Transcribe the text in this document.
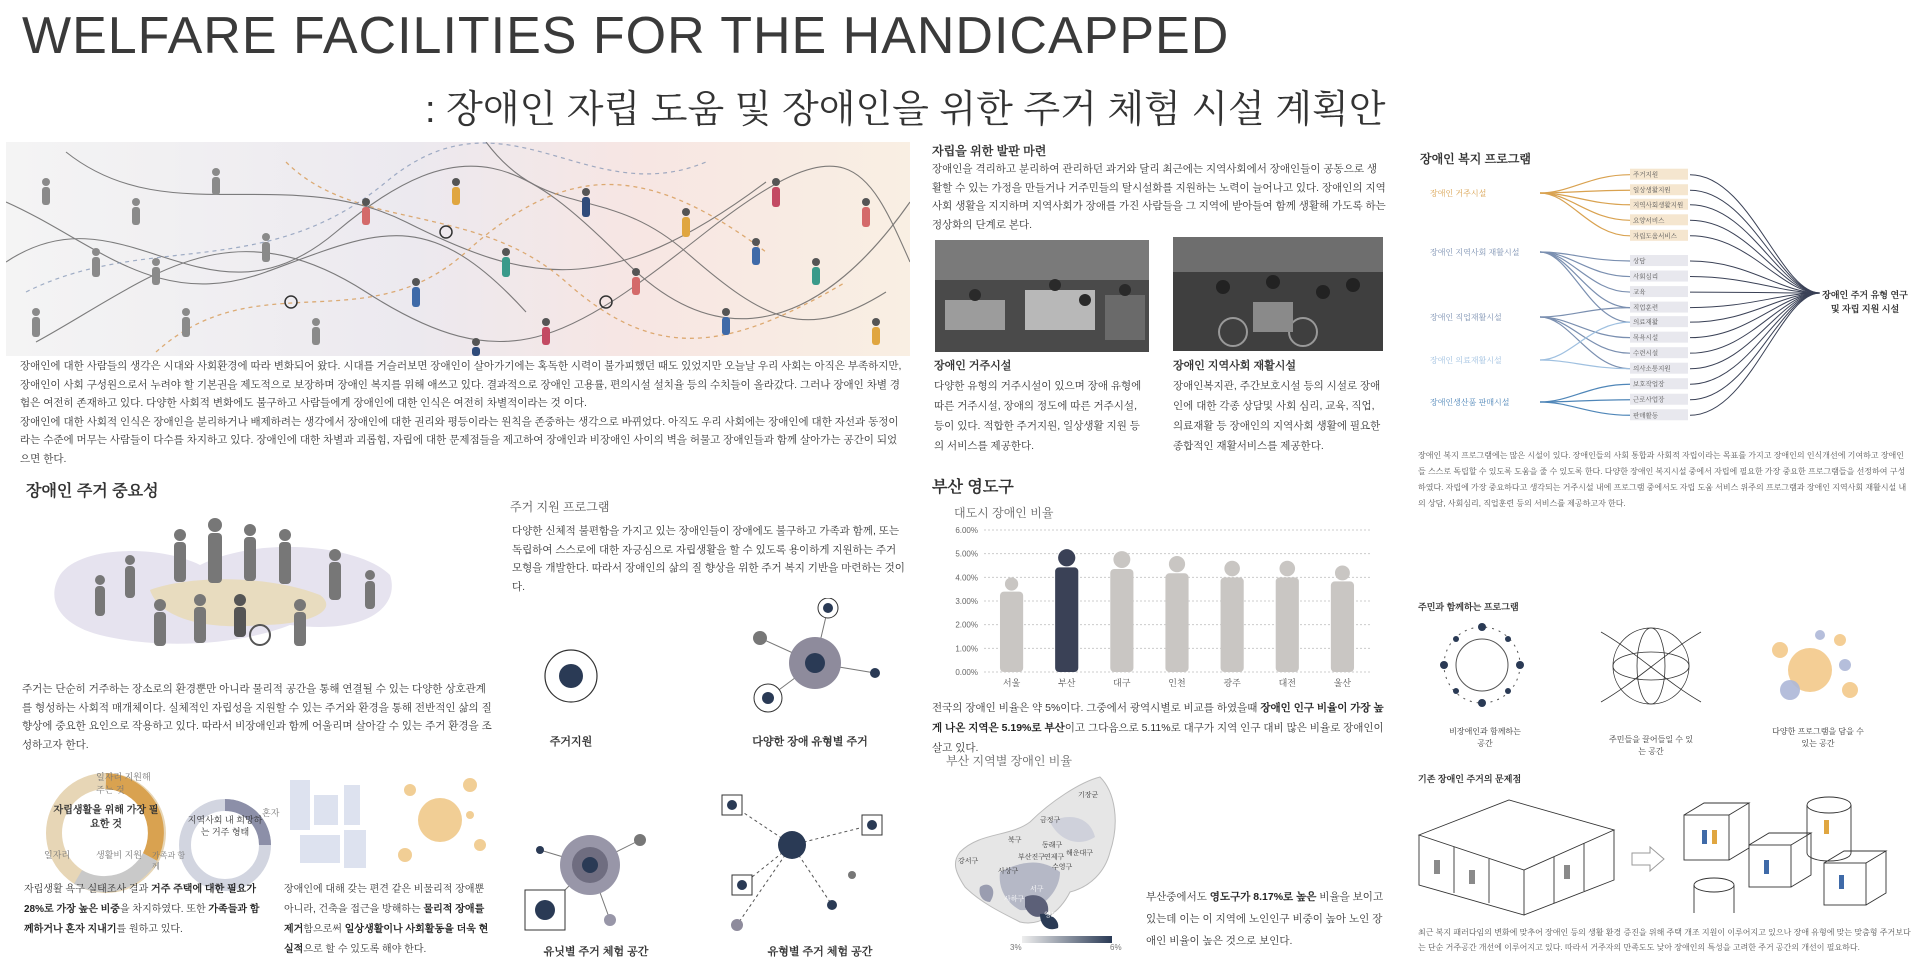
WELFARE FACILITIES FOR THE HANDICAPPED
: 장애인 자립 도움 및 장애인을 위한 주거 체험 시설 계획안
장애인에 대한 사람들의 생각은 시대와 사회환경에 따라 변화되어 왔다. 시대를 거슬러보면 장애인이 살아가기에는 혹독한 시력이 불가피했던 때도 있었지만 오늘날 우리 사회는 아직은 부족하지만, 장애인이 사회 구성원으로서 누려야 할 기본권을 제도적으로 보장하며 장애인 복지를 위해 애쓰고 있다. 결과적으로 장애인 고용률, 편의시설 설치율 등의 수치들이 올라갔다. 그러나 장애인 차별 경험은 여전히 존재하고 있다. 다양한 사회적 변화에도 불구하고 사람들에게 장애인에 대한 인식은 여전히 차별적이라는 것 이다.
장애인에 대한 사회적 인식은 장애인을 분리하거나 배제하려는 생각에서 장애인에 대한 권리와 평등이라는 원칙을 존중하는 생각으로 바뀌었다. 아직도 우리 사회에는 장애인에 대한 자선과 동정이라는 수준에 머무는 사람들이 다수를 차지하고 있다. 장애인에 대한 차별과 괴롭힘, 자립에 대한 문제점들을 제고하여 장애인과 비장애인 사이의 벽을 허물고 장애인들과 함께 살아가는 공간이 되었으면 한다.
장애인 주거 중요성
주거는 단순히 거주하는 장소로의 환경뿐만 아니라 물리적 공간을 통해 연결될 수 있는 다양한 상호관계를 형성하는 사회적 매개체이다. 실체적인 자립성을 지원할 수 있는 주거와 환경을 통해 전반적인 삶의 질 향상에 중요한 요인으로 작용하고 있다. 따라서 비장애인과 함께 어울리며 살아갈 수 있는 주거 환경을 조성하고자 한다.
자립생활을 위해 가장 필요한 것
일자리 지원해 주는 것
일자리	생활비 지원
지역사회 내 희망하는 거주 형태
혼자
가족과 함께
자립생활 욕구 실태조사 결과 거주 주택에 대한 필요가 28%로 가장 높은 비중을 차지하였다. 또한 가족들과 함께하거나 혼자 지내기를 원하고 있다.
장애인에 대해 갖는 편견 같은 비물리적 장애뿐 아니라, 건축을 접근을 방해하는 물리적 장애를 제거함으로써 일상생활이나 사회활동을 더욱 현실적으로 할 수 있도록 해야 한다.
주거 지원 프로그램
다양한 신체적 불편함을 가지고 있는 장애인들이 장애에도 불구하고 가족과 함께, 또는 독립하여 스스로에 대한 자긍심으로 자립생활을 할 수 있도록 용이하게 지원하는 주거 모형을 개발한다. 따라서 장애인의 삶의 질 향상을 위한 주거 복지 기반을 마련하는 것이다.
주거지원	다양한 장애 유형별 주거
유닛별 주거 체험 공간	유형별 주거 체험 공간
자립을 위한 발판 마련
장애인을 격리하고 분리하여 관리하던 과거와 달리 최근에는 지역사회에서 장애인들이 공동으로 생활할 수 있는 가정을 만들거나 거주민들의 탈시설화를 지원하는 노력이 늘어나고 있다. 장애인의 지역사회 생활을 지지하며 지역사회가 장애를 가진 사람들을 그 지역에 받아들여 함께 생활해 가도록 하는 정상화의 단계로 본다.
장애인 거주시설
다양한 유형의 거주시설이 있으며 장애 유형에 따른 거주시설, 장애의 정도에 따른 거주시설, 등이 있다. 적합한 주거지원, 일상생활 지원 등의 서비스를 제공한다.
장애인 지역사회 재활시설
장애인복지관, 주간보호시설 등의 시설로 장애인에 대한 각종 상담및 사회 심리, 교육, 직업, 의료재활 등 장애인의 지역사회 생활에 필요한 종합적인 재활서비스를 제공한다.
부산 영도구
대도시 장애인 비율
0.00%
1.00%
2.00%
3.00%
4.00%
5.00%
6.00%
서울	부산	대구	인천	광주	대전	울산
전국의 장애인 비율은 약 5%이다. 그중에서 광역시별로 비교를 하였을때 장애인 인구 비율이 가장 높게 나온 지역은 5.19%로 부산이고 그다음으로 5.11%로 대구가 지역 인구 대비 많은 비율로 장애인이 살고 있다.
부산 지역별 장애인 비율
강서구
기장군
금정구
북구
동래구
해운대구
연제구
수영구
부산진구
사상구
사하구
서구
영도구
3%	6%
부산중에서도 영도구가 8.17%로 높은 비율을 보이고 있는데 이는 이 지역에 노인인구 비중이 높아 노인 장애인 비율이 높은 것으로 보인다.
장애인 복지 프로그램
장애인 거주시설
장애인 지역사회 재활시설
장애인 직업재활시설
장애인 의료재활시설
장애인생산품 판매시설
주거지원
일상생활지원
지역사회생활지원
요양서비스
자립도움서비스
상담
사회심리
교육
직업훈련
의료재활
목욕시설
수련시설
의사소통지원
보호작업장
근로사업장
판매활동
장애인 주거 유형 연구 및 자립 지원 시설
장애인 복지 프로그램에는 많은 시설이 있다. 장애인들의 사회 통합과 사회적 자립이라는 목표를 가지고 장애인의 인식개선에 기여하고 장애인들 스스로 독립할 수 있도록 도움을 줄 수 있도록 한다. 다양한 장애인 복지시설 중에서 자립에 필요한 가장 중요한 프로그램들을 선정하여 구성하였다. 자립에 가장 중요하다고 생각되는 거주시설 내에 프로그램 중에서도 자립 도움 서비스 위주의 프로그램과 장애인 지역사회 재활시설 내의 상담, 사회심리, 직업훈련 등의 서비스를 제공하고자 한다.
주민과 함께하는 프로그램
비장애인과 함께하는 공간	주민들을 끌어들일 수 있는 공간
다양한 프로그램을 담을 수 있는 공간
기존 장애인 주거의 문제점
최근 복지 패러다임의 변화에 맞추어 장애인 등의 생활 환경 증진을 위해 주택 개조 지원이 이루어지고 있으나 장애 유형에 맞는 맞춤형 주거보다는 단순 거주공간 개선에 이루어지고 있다. 따라서 거주자의 만족도도 낮아 장애인의 특성을 고려한 주거 공간의 개선이 필요하다.
